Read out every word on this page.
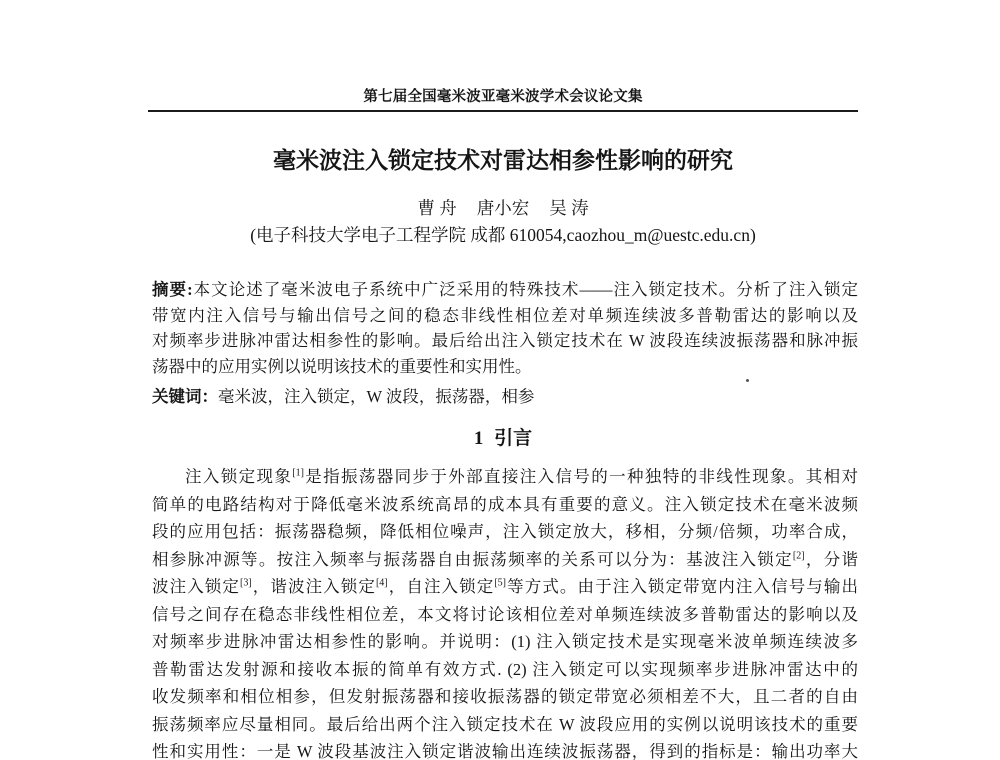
第七届全国毫米波亚毫米波学术会议论文集
毫米波注入锁定技术对雷达相参性影响的研究
曹 舟 唐小宏 吴 涛
(电子科技大学电子工程学院 成都 610054,caozhou_m@uestc.edu.cn)
摘要:本文论述了毫米波电子系统中广泛采用的特殊技术——注入锁定技术。分析了注入锁定
带宽内注入信号与输出信号之间的稳态非线性相位差对单频连续波多普勒雷达的影响以及
对频率步进脉冲雷达相参性的影响。最后给出注入锁定技术在 W 波段连续波振荡器和脉冲振
荡器中的应用实例以说明该技术的重要性和实用性。
关键词：毫米波，注入锁定，W 波段，振荡器，相参
1 引言
注入锁定现象[1]是指振荡器同步于外部直接注入信号的一种独特的非线性现象。其相对
简单的电路结构对于降低毫米波系统高昂的成本具有重要的意义。注入锁定技术在毫米波频
段的应用包括：振荡器稳频，降低相位噪声，注入锁定放大，移相，分频/倍频，功率合成，
相参脉冲源等。按注入频率与振荡器自由振荡频率的关系可以分为：基波注入锁定[2]，分谐
波注入锁定[3]，谐波注入锁定[4]，自注入锁定[5]等方式。由于注入锁定带宽内注入信号与输出
信号之间存在稳态非线性相位差，本文将讨论该相位差对单频连续波多普勒雷达的影响以及
对频率步进脉冲雷达相参性的影响。并说明：(1) 注入锁定技术是实现毫米波单频连续波多
普勒雷达发射源和接收本振的简单有效方式. (2) 注入锁定可以实现频率步进脉冲雷达中的
收发频率和相位相参，但发射振荡器和接收振荡器的锁定带宽必须相差不大，且二者的自由
振荡频率应尽量相同。最后给出两个注入锁定技术在 W 波段应用的实例以说明该技术的重要
性和实用性：一是 W 波段基波注入锁定谐波输出连续波振荡器，得到的指标是：输出功率大
